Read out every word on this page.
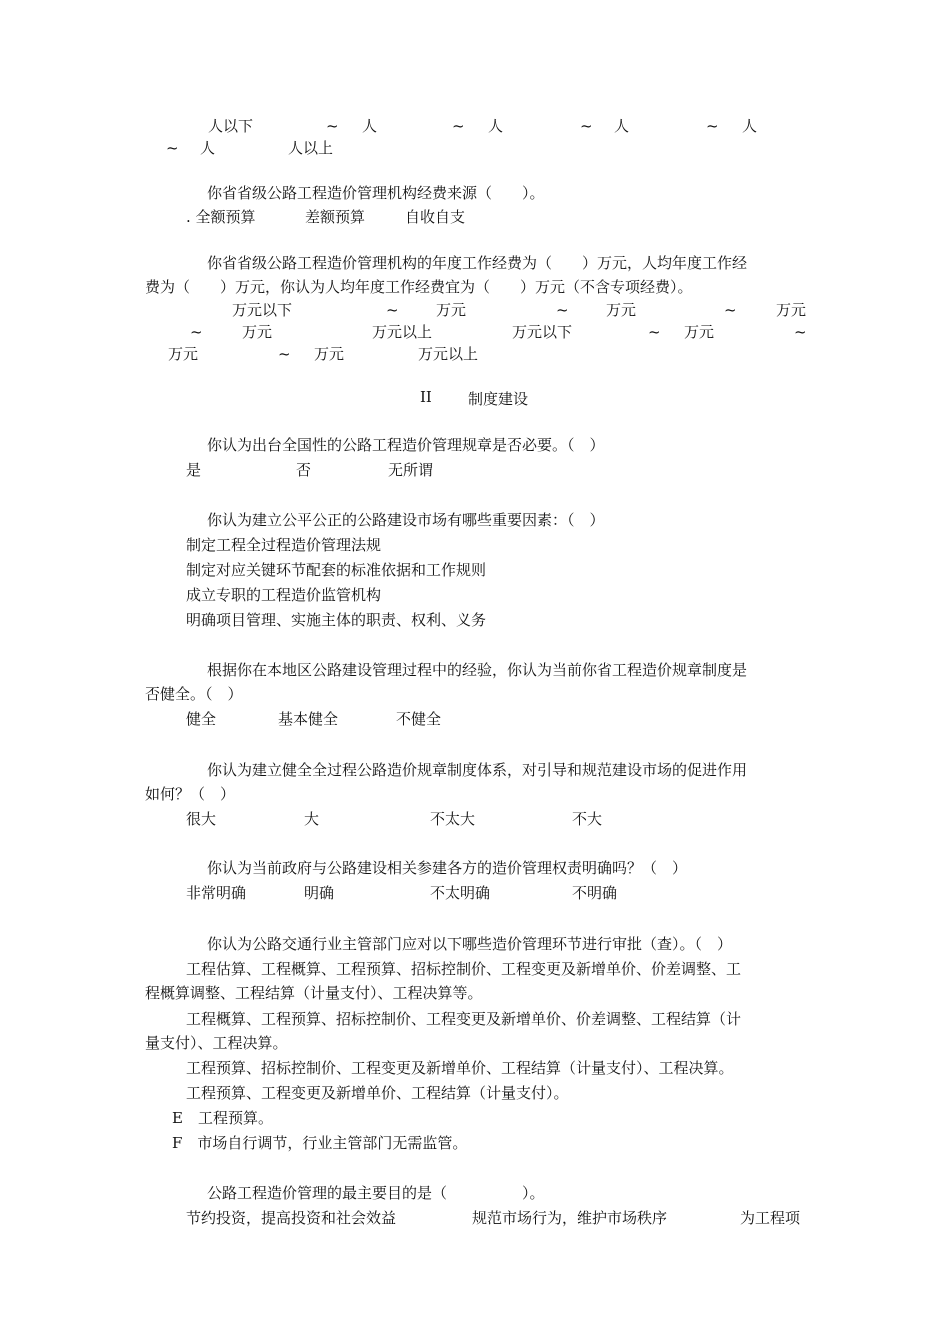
人以下	~ 人	~ 人	~ 人	~ 人
~ 人	人以上
你省省级公路工程造价管理机构经费来源（　　）。
. 全额预算	差额预算	自收自支
你省省级公路工程造价管理机构的年度工作经费为（　　）万元，人均年度工作经
费为（　　）万元，你认为人均年度工作经费宜为（　　）万元（不含专项经费）。
万元以下	~ 万元	~ 万元	~	万元
~	万元	万元以上	万元以下	~ 万元	~
万元	~ 万元	万元以上
II 制度建设
你认为出台全国性的公路工程造价管理规章是否必要。（　）
是	否	无所谓
你认为建立公平公正的公路建设市场有哪些重要因素：（　）
制定工程全过程造价管理法规
制定对应关键环节配套的标准依据和工作规则
成立专职的工程造价监管机构
明确项目管理、实施主体的职责、权利、义务
根据你在本地区公路建设管理过程中的经验，你认为当前你省工程造价规章制度是
否健全。（　）
健全	基本健全	不健全
你认为建立健全全过程公路造价规章制度体系，对引导和规范建设市场的促进作用
如何？（　）
很大	大	不太大	不大
你认为当前政府与公路建设相关参建各方的造价管理权责明确吗？（　）
非常明确	明确	不太明确	不明确
你认为公路交通行业主管部门应对以下哪些造价管理环节进行审批（查）。（　）
工程估算、工程概算、工程预算、招标控制价、工程变更及新增单价、价差调整、工
程概算调整、工程结算（计量支付）、工程决算等。
工程概算、工程预算、招标控制价、工程变更及新增单价、价差调整、工程结算（计
量支付）、工程决算。
工程预算、招标控制价、工程变更及新增单价、工程结算（计量支付）、工程决算。
工程预算、工程变更及新增单价、工程结算（计量支付）。
E　工程预算。
F　市场自行调节，行业主管部门无需监管。
公路工程造价管理的最主要目的是（　　　　　）。
节约投资，提高投资和社会效益	规范市场行为，维护市场秩序	为工程项
